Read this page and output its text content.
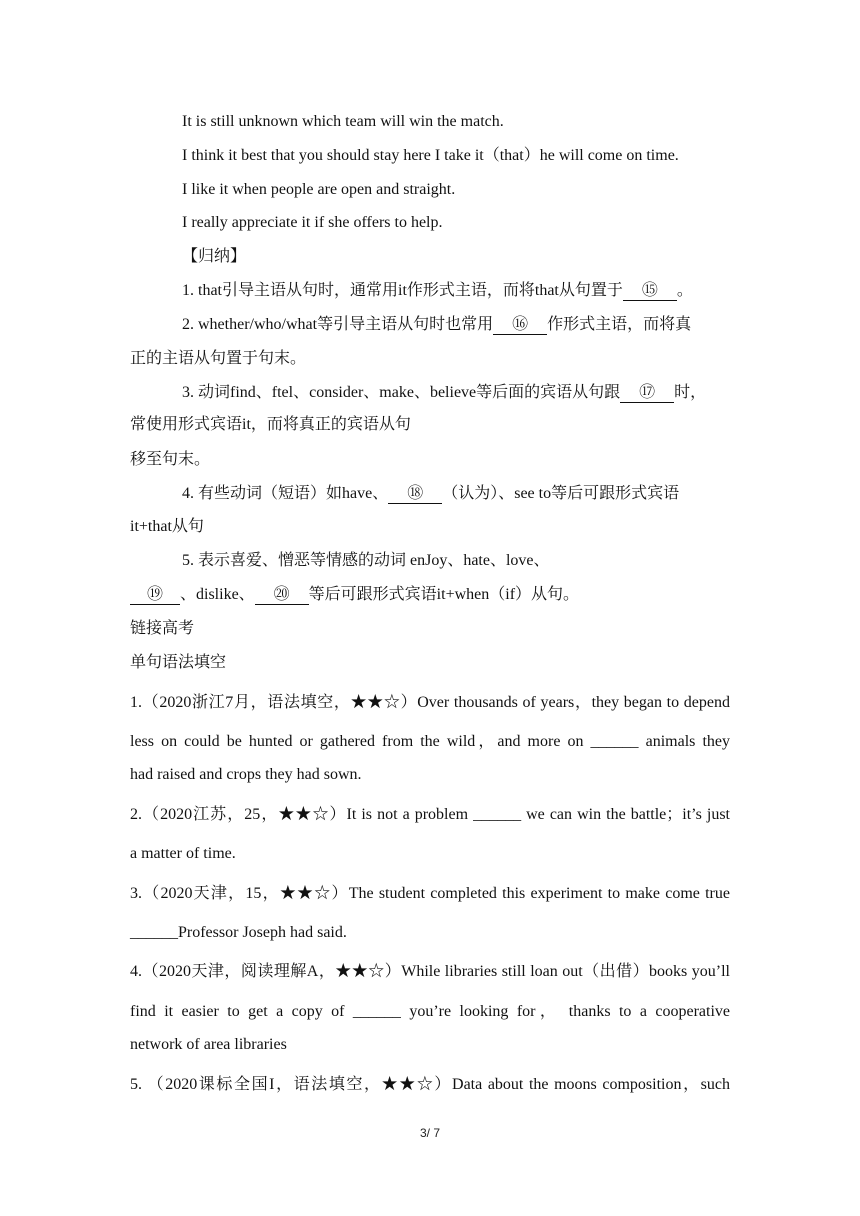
It is still unknown which team will win the match.
I think it best that you should stay here I take it（that）he will come on time.
I like it when people are open and straight.
I really appreciate it if she offers to help.
【归纳】
1. that引导主语从句时，通常用it作形式主语，而将that从句置于 ⑮ 。
2. whether/who/what等引导主语从句时也常用 ⑯ 作形式主语，而将真
正的主语从句置于句末。
3. 动词find、ftel、consider、make、believe等后面的宾语从句跟 ⑰ 时，
常使用形式宾语it，而将真正的宾语从句
移至句末。
4. 有些动词（短语）如have、 ⑱ （认为）、see to等后可跟形式宾语
it+that从句
5. 表示喜爱、憎恶等情感的动词 enJoy、hate、love、
⑲ 、dislike、 ⑳ 等后可跟形式宾语it+when（if）从句。
链接高考
单句语法填空
1.（2020浙江7月，语法填空，★★☆）Over thousands of years，they began to depend
less on could be hunted or gathered from the wild，and more on ______ animals they
had raised and crops they had sown.
2.（2020江苏，25，★★☆）It is not a problem ______ we can win the battle；it’s just
a matter of time.
3.（2020天津，15，★★☆）The student completed this experiment to make come true
______Professor Joseph had said.
4.（2020天津，阅读理解A，★★☆）While libraries still loan out（出借）books you’ll
find it easier to get a copy of ______ you’re looking for， thanks to a cooperative
network of area libraries
5. （2020课标全国I，语法填空，★★☆）Data about the moons composition，such
3/ 7
